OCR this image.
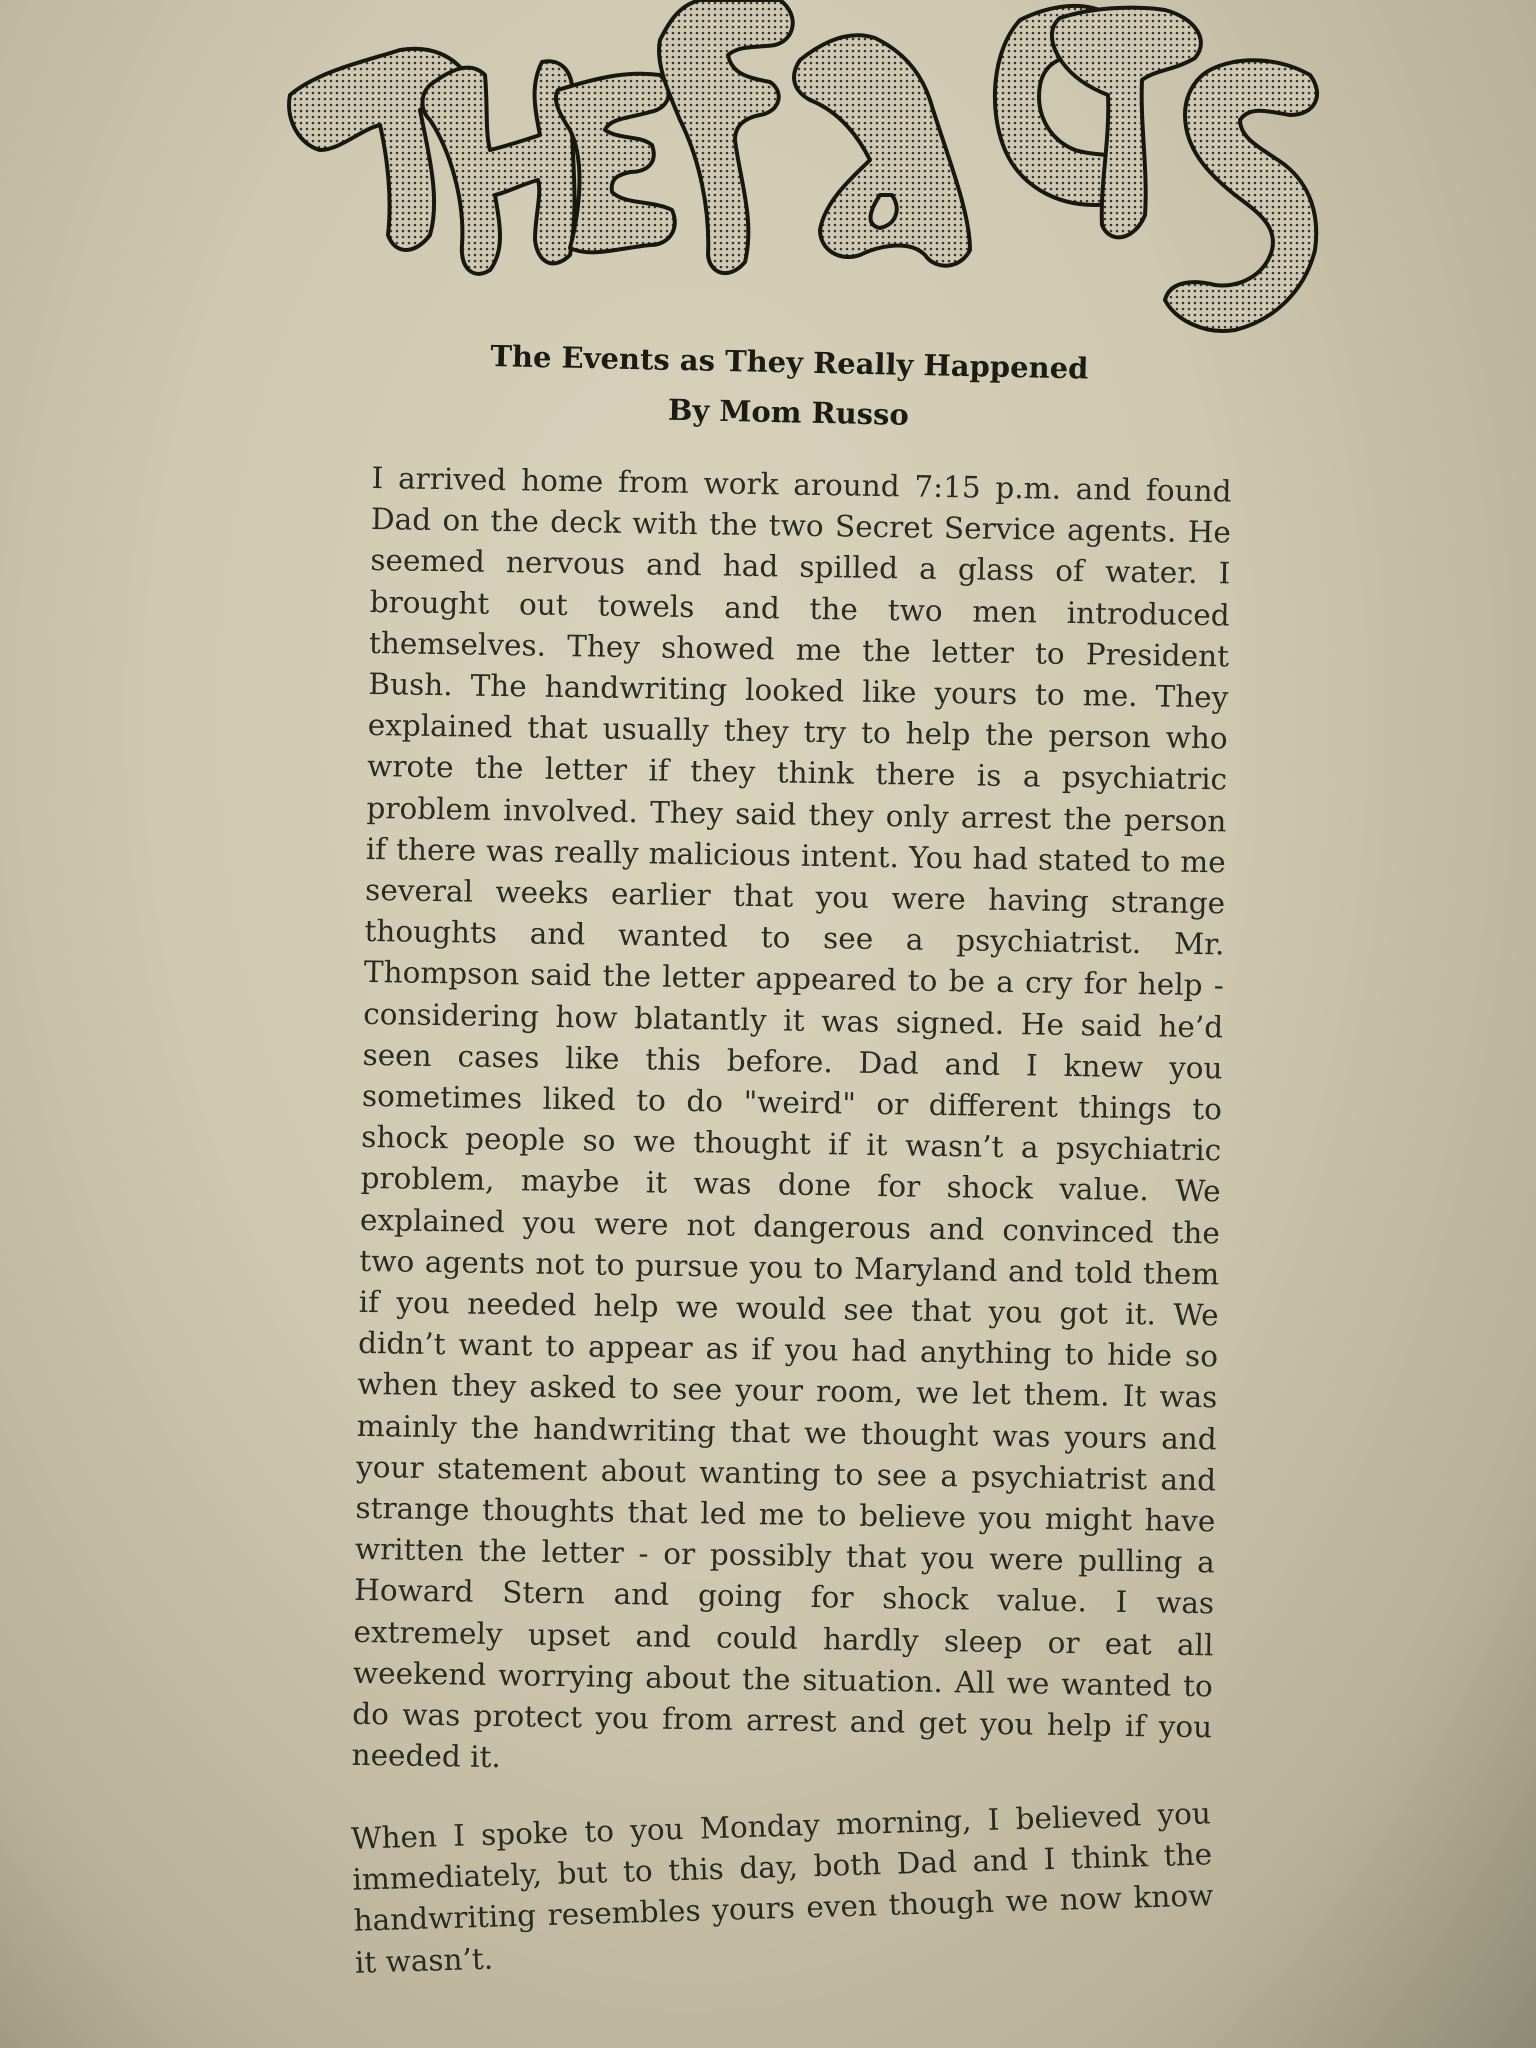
The Events as They Really Happened
By Mom Russo

I arrived home from work around 7:15 p.m. and found Dad on the deck with the two Secret Service agents. He seemed nervous and had spilled a glass of water. I brought out towels and the two men introduced themselves. They showed me the letter to President Bush. The handwriting looked like yours to me. They explained that usually they try to help the person who wrote the letter if they think there is a psychiatric problem involved. They said they only arrest the person if there was really malicious intent. You had stated to me several weeks earlier that you were having strange thoughts and wanted to see a psychiatrist. Mr. Thompson said the letter appeared to be a cry for help - considering how blatantly it was signed. He said he’d seen cases like this before. Dad and I knew you sometimes liked to do "weird" or different things to shock people so we thought if it wasn’t a psychiatric problem, maybe it was done for shock value. We explained you were not dangerous and convinced the two agents not to pursue you to Maryland and told them if you needed help we would see that you got it. We didn’t want to appear as if you had anything to hide so when they asked to see your room, we let them. It was mainly the handwriting that we thought was yours and your statement about wanting to see a psychiatrist and strange thoughts that led me to believe you might have written the letter - or possibly that you were pulling a Howard Stern and going for shock value. I was extremely upset and could hardly sleep or eat all weekend worrying about the situation. All we wanted to do was protect you from arrest and get you help if you needed it.

When I spoke to you Monday morning, I believed you immediately, but to this day, both Dad and I think the handwriting resembles yours even though we now know it wasn’t.
